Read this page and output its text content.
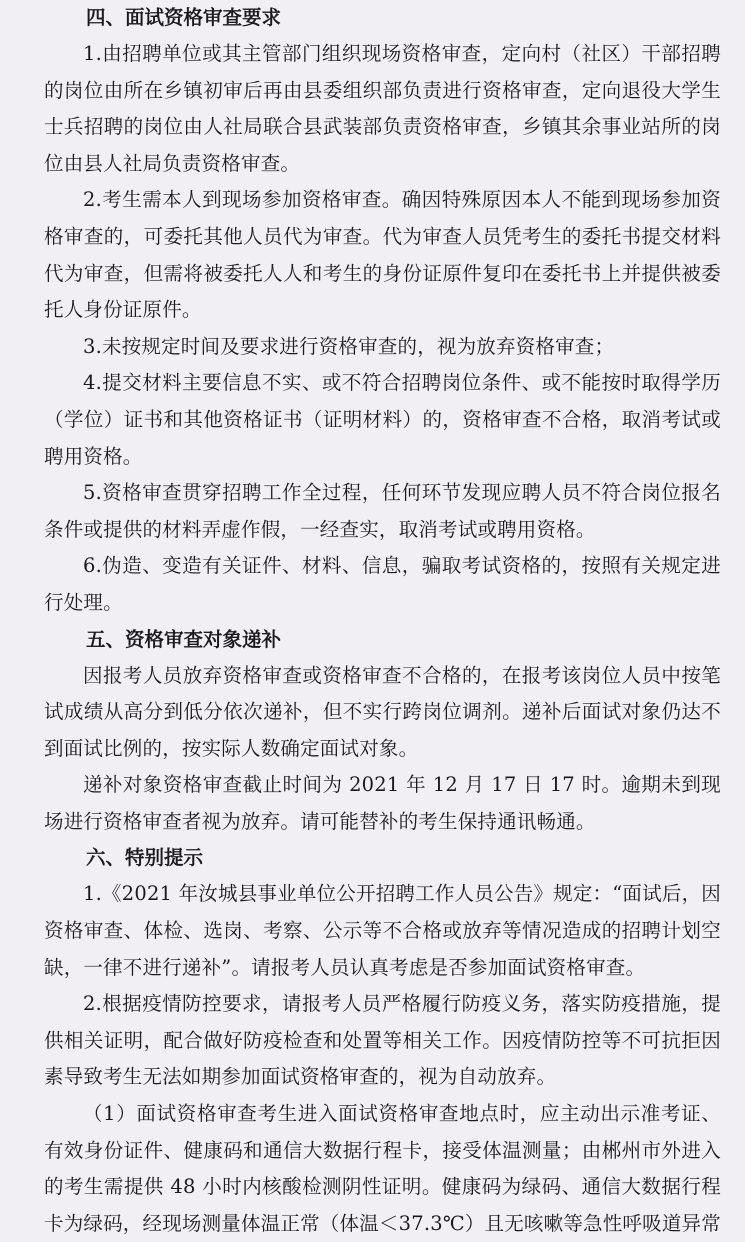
四、面试资格审查要求

1.由招聘单位或其主管部门组织现场资格审查，定向村（社区）干部招聘的岗位由所在乡镇初审后再由县委组织部负责进行资格审查，定向退役大学生士兵招聘的岗位由人社局联合县武装部负责资格审查，乡镇其余事业站所的岗位由县人社局负责资格审查。

2.考生需本人到现场参加资格审查。确因特殊原因本人不能到现场参加资格审查的，可委托其他人员代为审查。代为审查人员凭考生的委托书提交材料代为审查，但需将被委托人人和考生的身份证原件复印在委托书上并提供被委托人身份证原件。

3.未按规定时间及要求进行资格审查的，视为放弃资格审查；

4.提交材料主要信息不实、或不符合招聘岗位条件、或不能按时取得学历（学位）证书和其他资格证书（证明材料）的，资格审查不合格，取消考试或聘用资格。

5.资格审查贯穿招聘工作全过程，任何环节发现应聘人员不符合岗位报名条件或提供的材料弄虚作假，一经查实，取消考试或聘用资格。

6.伪造、变造有关证件、材料、信息，骗取考试资格的，按照有关规定进行处理。

五、资格审查对象递补

因报考人员放弃资格审查或资格审查不合格的，在报考该岗位人员中按笔试成绩从高分到低分依次递补，但不实行跨岗位调剂。递补后面试对象仍达不到面试比例的，按实际人数确定面试对象。

递补对象资格审查截止时间为 2021 年 12 月 17 日 17 时。逾期未到现场进行资格审查者视为放弃。请可能替补的考生保持通讯畅通。

六、特别提示

1.《2021 年汝城县事业单位公开招聘工作人员公告》规定：“面试后，因资格审查、体检、选岗、考察、公示等不合格或放弃等情况造成的招聘计划空缺，一律不进行递补”。请报考人员认真考虑是否参加面试资格审查。

2.根据疫情防控要求，请报考人员严格履行防疫义务，落实防疫措施，提供相关证明，配合做好防疫检查和处置等相关工作。因疫情防控等不可抗拒因素导致考生无法如期参加面试资格审查的，视为自动放弃。

（1）面试资格审查考生进入面试资格审查地点时，应主动出示准考证、有效身份证件、健康码和通信大数据行程卡，接受体温测量；由郴州市外进入的考生需提供 48 小时内核酸检测阴性证明。健康码为绿码、通信大数据行程卡为绿码，经现场测量体温正常（体温＜37.3℃）且无咳嗽等急性呼吸道异常
